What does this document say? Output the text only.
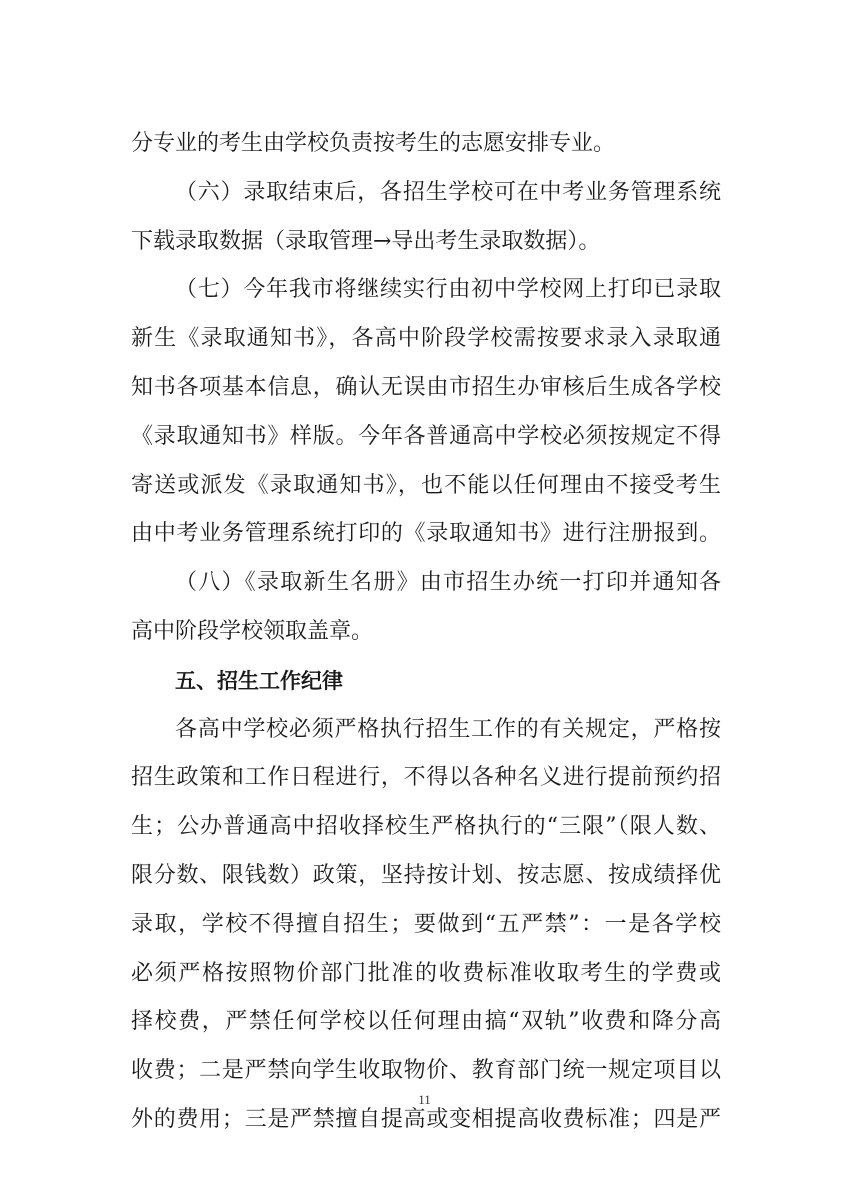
分专业的考生由学校负责按考生的志愿安排专业。
（六）录取结束后，各招生学校可在中考业务管理系统
下载录取数据（录取管理→导出考生录取数据）。
（七）今年我市将继续实行由初中学校网上打印已录取
新生《录取通知书》，各高中阶段学校需按要求录入录取通
知书各项基本信息，确认无误由市招生办审核后生成各学校
《录取通知书》样版。今年各普通高中学校必须按规定不得
寄送或派发《录取通知书》，也不能以任何理由不接受考生
由中考业务管理系统打印的《录取通知书》进行注册报到。
（八）《录取新生名册》由市招生办统一打印并通知各
高中阶段学校领取盖章。
五、招生工作纪律
各高中学校必须严格执行招生工作的有关规定，严格按
招生政策和工作日程进行，不得以各种名义进行提前预约招
生；公办普通高中招收择校生严格执行的“三限”（限人数、
限分数、限钱数）政策，坚持按计划、按志愿、按成绩择优
录取，学校不得擅自招生；要做到“五严禁”：一是各学校
必须严格按照物价部门批准的收费标准收取考生的学费或
择校费，严禁任何学校以任何理由搞“双轨”收费和降分高
收费；二是严禁向学生收取物价、教育部门统一规定项目以
外的费用；三是严禁擅自提高或变相提高收费标准；四是严
11
